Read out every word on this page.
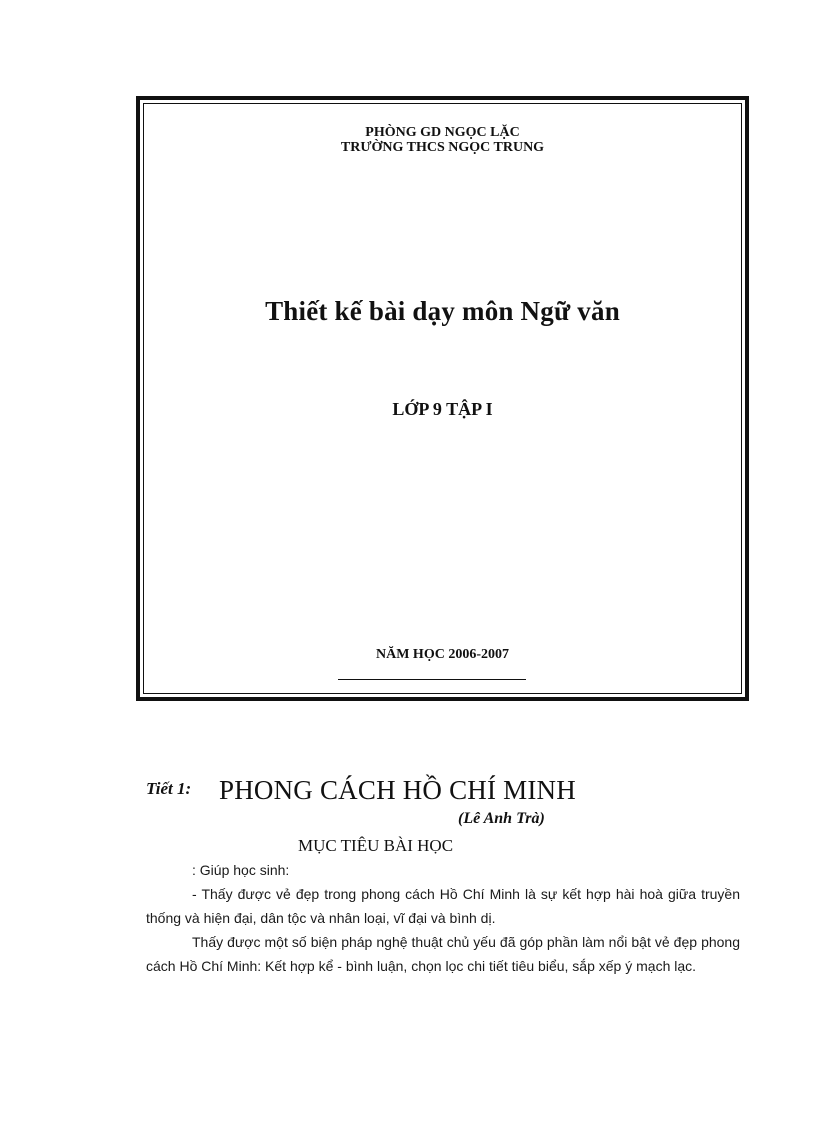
PHÒNG GD NGỌC LẶC
TRƯỜNG THCS NGỌC TRUNG
Thiết kế bài dạy môn Ngữ văn
LỚP 9 TẬP I
NĂM HỌC 2006-2007
Tiết 1: PHONG CÁCH HỒ CHÍ MINH
(Lê Anh Trà)
MỤC TIÊU BÀI HỌC
: Giúp học sinh:
- Thấy được vẻ đẹp trong phong cách Hồ Chí Minh là sự kết hợp hài hoà giữa truyền thống và hiện đại, dân tộc và nhân loại, vĩ đại và bình dị.
Thấy được một số biện pháp nghệ thuật chủ yếu đã góp phần làm nổi bật vẻ đẹp phong cách Hồ Chí Minh: Kết hợp kể - bình luận, chọn lọc chi tiết tiêu biểu, sắp xếp ý mạch lạc.
